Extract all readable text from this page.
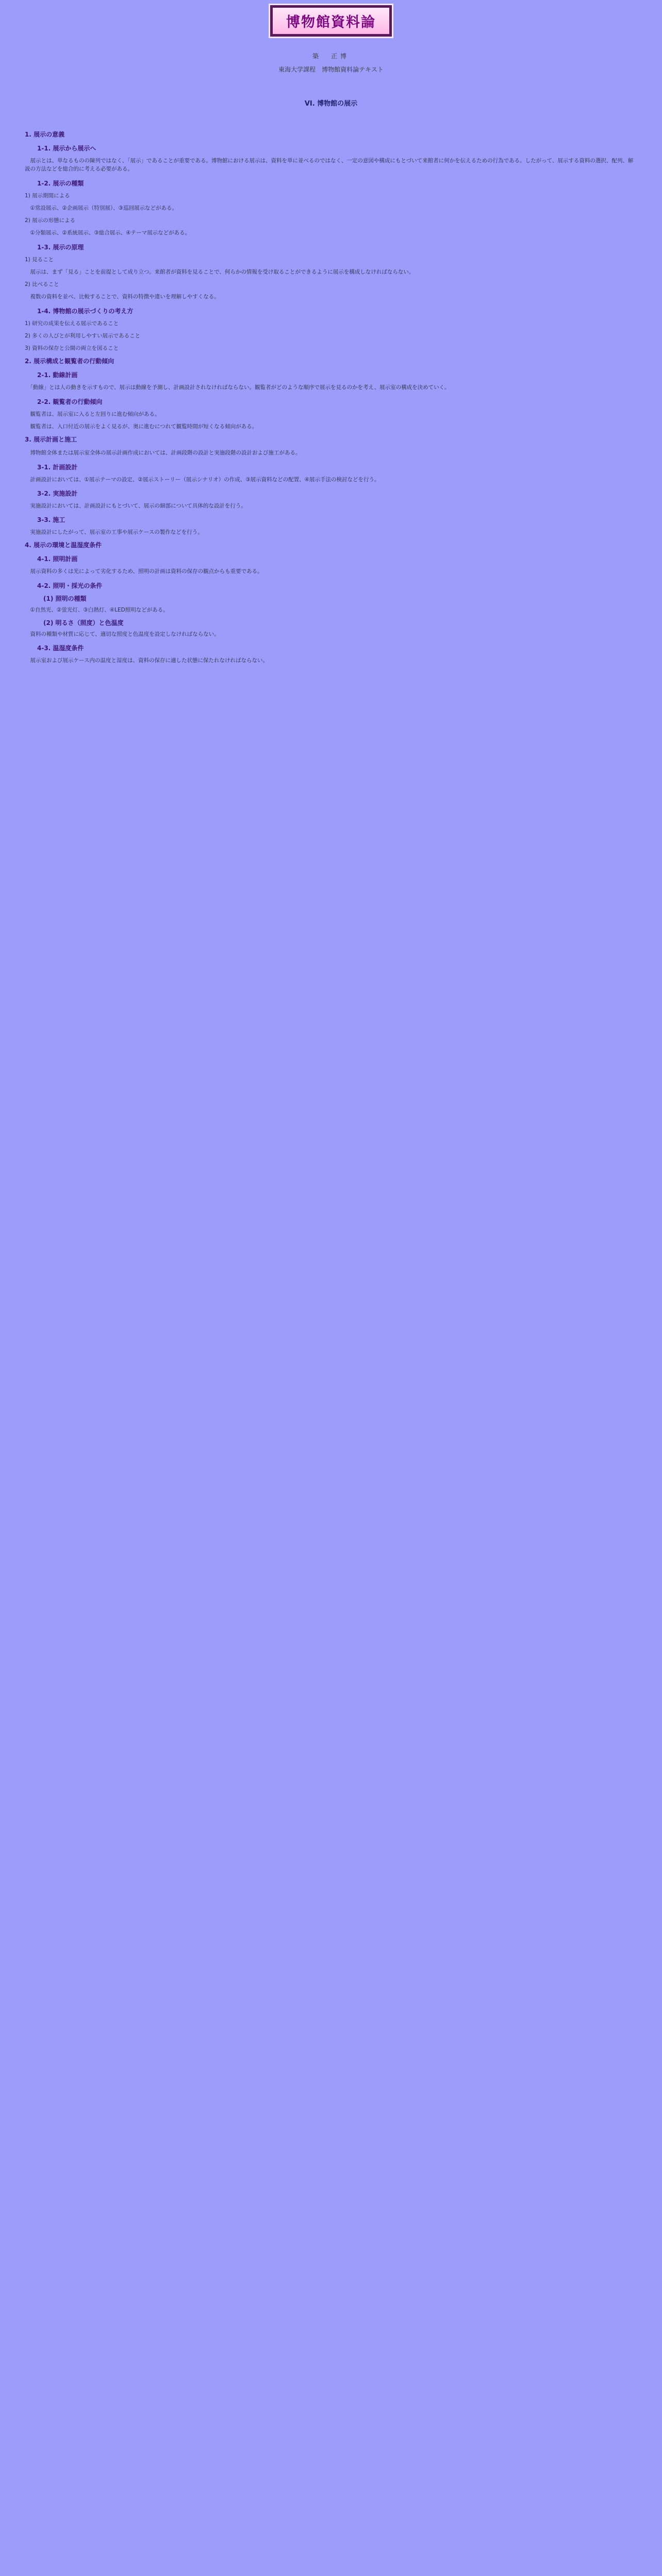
博物館資料論
築　正博
東海大学課程　博物館資料論テキスト
VI. 博物館の展示
1. 展示の意義
1-1. 展示から展示へ

　展示とは、単なるものの陳列ではなく、「展示」であることが重要である。博物館における展示は、資料を単に並べるのではなく、一定の意図や構成にもとづいて来館者に何かを伝えるための行為である。したがって、展示する資料の選択、配列、解説の方法などを総合的に考える必要がある。

1-2. 展示の種類

1) 展示期間による

　①常設展示、②企画展示（特別展）、③巡回展示などがある。

2) 展示の形態による

　①分類展示、②系統展示、③総合展示、④テーマ展示などがある。

1-3. 展示の原理

1) 見ること

　展示は、まず「見る」ことを前提として成り立つ。来館者が資料を見ることで、何らかの情報を受け取ることができるように展示を構成しなければならない。

2) 比べること

　複数の資料を並べ、比較することで、資料の特徴や違いを理解しやすくなる。

1-4. 博物館の展示づくりの考え方

1) 研究の成果を伝える展示であること

2) 多くの人びとが利用しやすい展示であること

3) 資料の保存と公開の両立を図ること

2. 展示構成と観覧者の行動傾向
2-1. 動線計画

　「動線」とは人の動きを示すもので、展示は動線を予測し、計画設計されなければならない。観覧者がどのような順序で展示を見るのかを考え、展示室の構成を決めていく。

2-2. 観覧者の行動傾向

　観覧者は、展示室に入ると左回りに進む傾向がある。

　観覧者は、入口付近の展示をよく見るが、奥に進むにつれて観覧時間が短くなる傾向がある。

3. 展示計画と施工

　博物館全体または展示室全体の展示計画作成においては、計画段階の設計と実施段階の設計および施工がある。

3-1. 計画設計

　計画設計においては、①展示テーマの設定、②展示ストーリー（展示シナリオ）の作成、③展示資料などの配置、④展示手法の検討などを行う。

3-2. 実施設計

　実施設計においては、計画設計にもとづいて、展示の細部について具体的な設計を行う。

3-3. 施工

　実施設計にしたがって、展示室の工事や展示ケースの製作などを行う。

4. 展示の環境と温湿度条件
4-1. 照明計画

　展示資料の多くは光によって劣化するため、照明の計画は資料の保存の観点からも重要である。

4-2. 照明・採光の条件
(1) 照明の種類

　①自然光、②蛍光灯、③白熱灯、④LED照明などがある。

(2) 明るさ（照度）と色温度

　資料の種類や材質に応じて、適切な照度と色温度を設定しなければならない。

4-3. 温湿度条件

　展示室および展示ケース内の温度と湿度は、資料の保存に適した状態に保たれなければならない。
